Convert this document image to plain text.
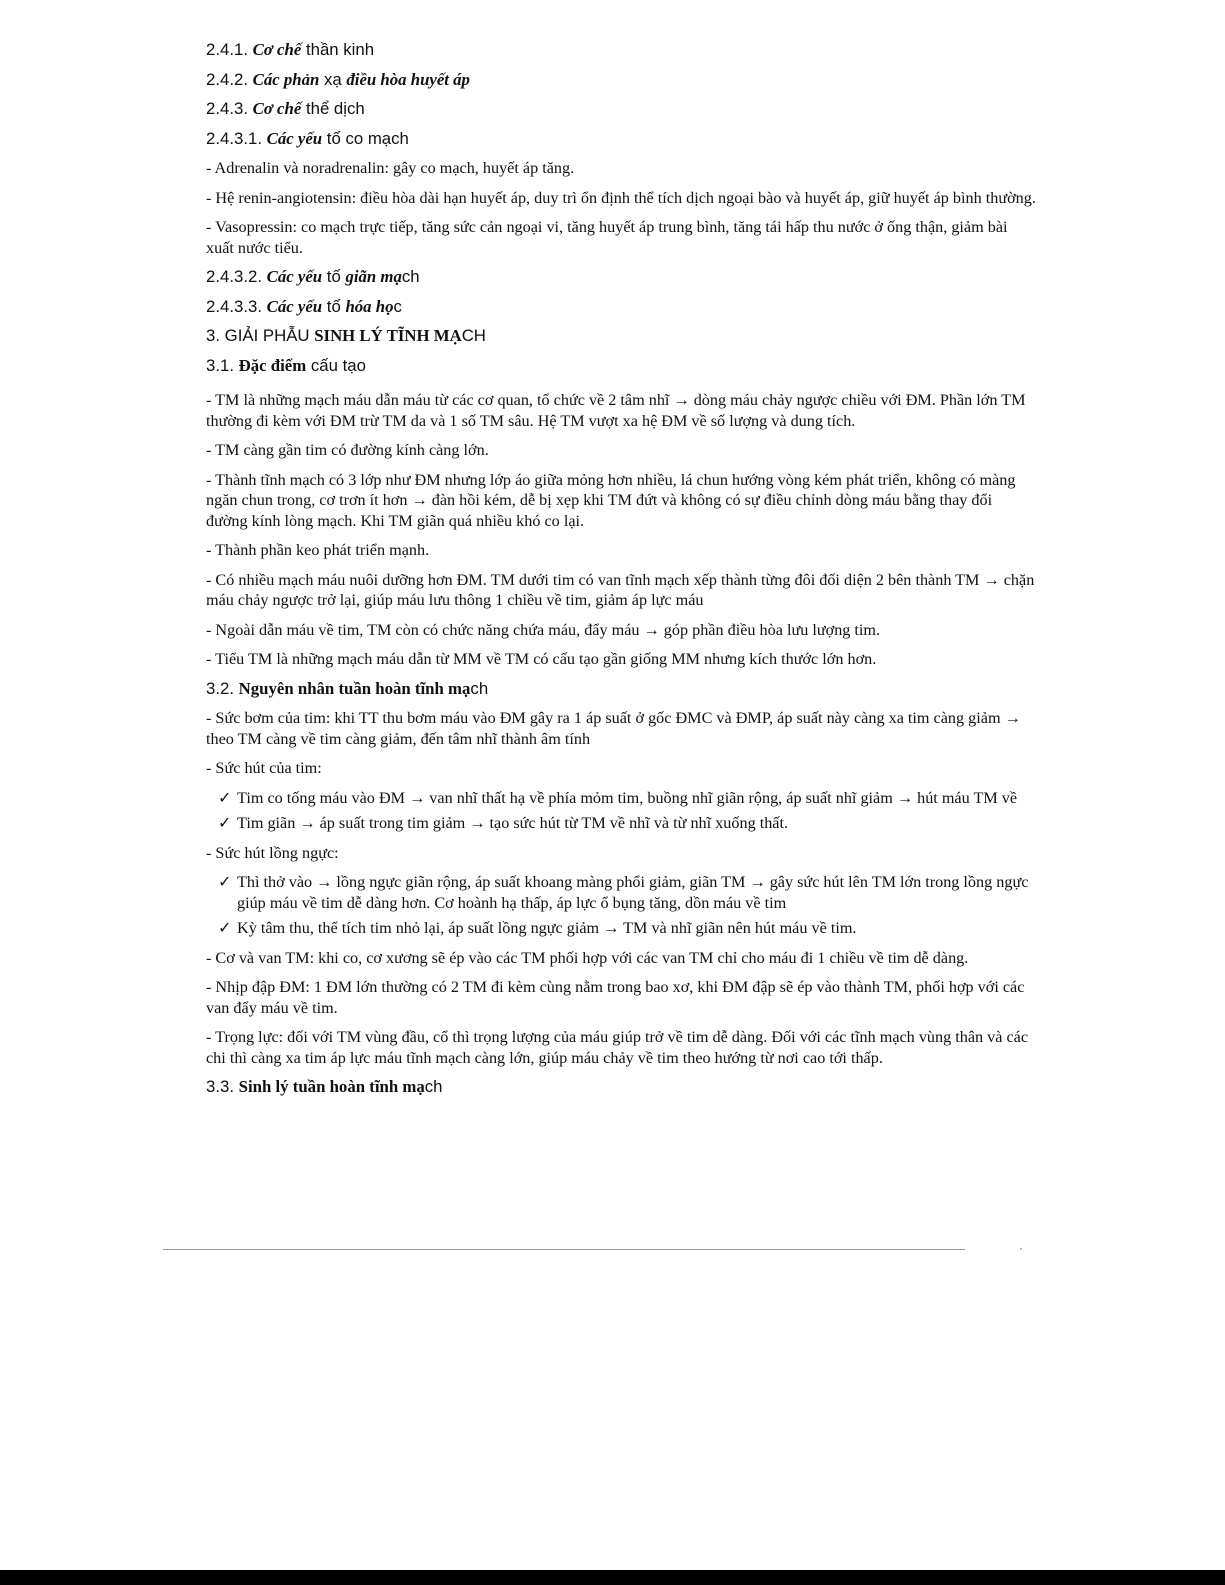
2.4.1. Cơ chế thần kinh

2.4.2. Các phản xạ điều hòa huyết áp

2.4.3. Cơ chế thể dịch

2.4.3.1. Các yếu tố co mạch

- Adrenalin và noradrenalin: gây co mạch, huyết áp tăng.

- Hệ renin-angiotensin: điều hòa dài hạn huyết áp, duy trì ổn định thể tích dịch ngoại bào và huyết áp, giữ huyết áp bình thường.

- Vasopressin: co mạch trực tiếp, tăng sức cản ngoại vi, tăng huyết áp trung bình, tăng tái hấp thu nước ở ống thận, giảm bài xuất nước tiểu.

2.4.3.2. Các yếu tố giãn mạch

2.4.3.3. Các yếu tố hóa học

3. GIẢI PHẪU SINH LÝ TĨNH MẠCH

3.1. Đặc điểm cấu tạo

- TM là những mạch máu dẫn máu từ các cơ quan, tổ chức về 2 tâm nhĩ → dòng máu chảy ngược chiều với ĐM. Phần lớn TM thường đi kèm với ĐM trừ TM da và 1 số TM sâu. Hệ TM vượt xa hệ ĐM về số lượng và dung tích.

- TM càng gần tim có đường kính càng lớn.

- Thành tĩnh mạch có 3 lớp như ĐM nhưng lớp áo giữa mỏng hơn nhiều, lá chun hướng vòng kém phát triển, không có màng ngăn chun trong, cơ trơn ít hơn → đàn hồi kém, dễ bị xẹp khi TM đứt và không có sự điều chỉnh dòng máu bằng thay đổi đường kính lòng mạch. Khi TM giãn quá nhiều khó co lại.

- Thành phần keo phát triển mạnh.

- Có nhiều mạch máu nuôi dưỡng hơn ĐM. TM dưới tim có van tĩnh mạch xếp thành từng đôi đối diện 2 bên thành TM → chặn máu chảy ngược trở lại, giúp máu lưu thông 1 chiều về tim, giảm áp lực máu

- Ngoài dẫn máu về tim, TM còn có chức năng chứa máu, đẩy máu → góp phần điều hòa lưu lượng tim.

- Tiểu TM là những mạch máu dẫn từ MM về TM có cấu tạo gần giống MM nhưng kích thước lớn hơn.

3.2. Nguyên nhân tuần hoàn tĩnh mạch

- Sức bơm của tim: khi TT thu bơm máu vào ĐM gây ra 1 áp suất ở gốc ĐMC và ĐMP, áp suất này càng xa tim càng giảm → theo TM càng về tim càng giảm, đến tâm nhĩ thành âm tính

- Sức hút của tim:

✓ Tim co tống máu vào ĐM → van nhĩ thất hạ về phía mỏm tim, buồng nhĩ giãn rộng, áp suất nhĩ giảm → hút máu TM về

✓ Tim giãn → áp suất trong tim giảm → tạo sức hút từ TM về nhĩ và từ nhĩ xuống thất.

- Sức hút lồng ngực:

✓ Thì thở vào → lồng ngực giãn rộng, áp suất khoang màng phổi giảm, giãn TM → gây sức hút lên TM lớn trong lồng ngực giúp máu về tim dễ dàng hơn. Cơ hoành hạ thấp, áp lực ổ bụng tăng, dồn máu về tim

✓ Kỳ tâm thu, thể tích tim nhỏ lại, áp suất lồng ngực giảm → TM và nhĩ giãn nên hút máu về tim.

- Cơ và van TM: khi co, cơ xương sẽ ép vào các TM phối hợp với các van TM chỉ cho máu đi 1 chiều về tim dễ dàng.

- Nhịp đập ĐM: 1 ĐM lớn thường có 2 TM đi kèm cùng nằm trong bao xơ, khi ĐM đập sẽ ép vào thành TM, phối hợp với các van đẩy máu về tim.

- Trọng lực: đối với TM vùng đầu, cổ thì trọng lượng của máu giúp trở về tim dễ dàng. Đối với các tĩnh mạch vùng thân và các chi thì càng xa tim áp lực máu tĩnh mạch càng lớn, giúp máu chảy về tim theo hướng từ nơi cao tới thấp.

3.3. Sinh lý tuần hoàn tĩnh mạch
